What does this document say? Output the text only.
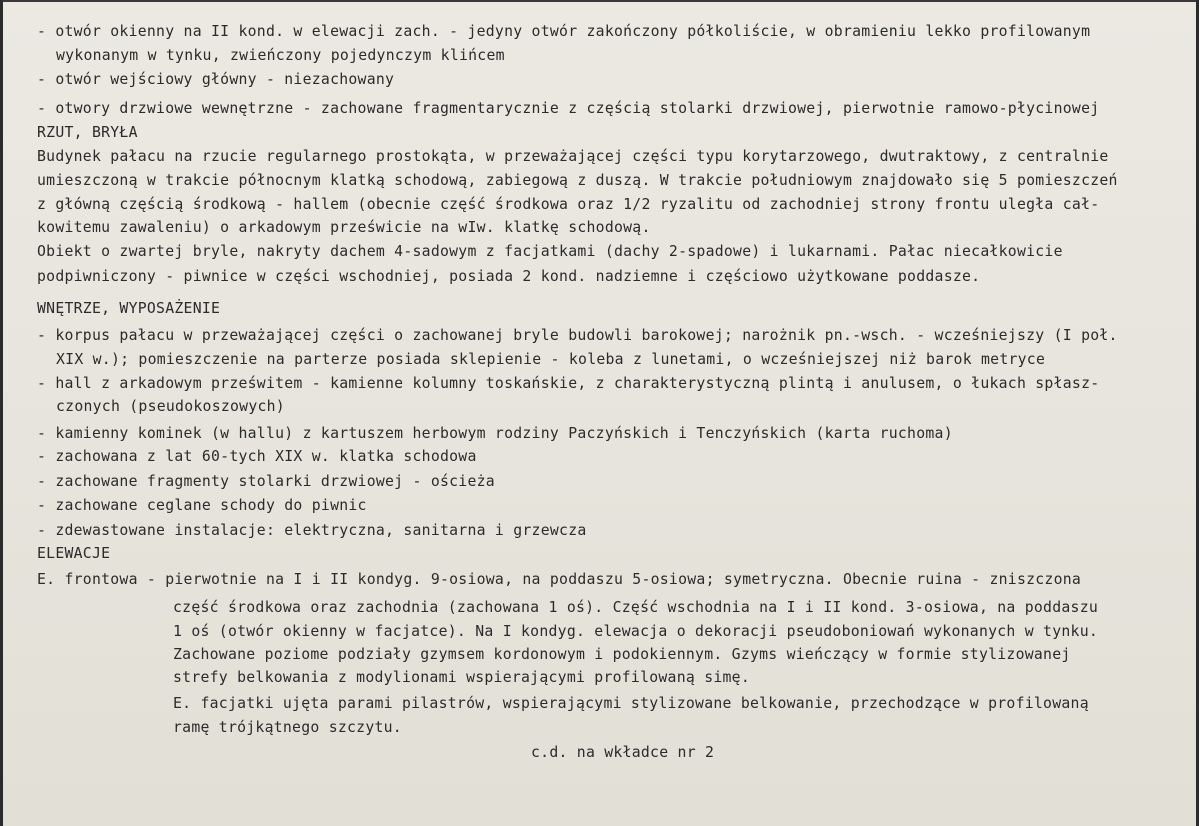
- otwór okienny na II kond. w elewacji zach. - jedyny otwór zakończony półkoliście, w obramieniu lekko profilowanym
wykonanym w tynku, zwieńczony pojedynczym klińcem
- otwór wejściowy główny - niezachowany
- otwory drzwiowe wewnętrzne - zachowane fragmentarycznie z częścią stolarki drzwiowej, pierwotnie ramowo-płycinowej
RZUT, BRYŁA
Budynek pałacu na rzucie regularnego prostokąta, w przeważającej części typu korytarzowego, dwutraktowy, z centralnie
umieszczoną w trakcie północnym klatką schodową, zabiegową z duszą. W trakcie południowym znajdowało się 5 pomieszczeń
z główną częścią środkową - hallem (obecnie część środkowa oraz 1/2 ryzalitu od zachodniej strony frontu uległa cał-
kowitemu zawaleniu) o arkadowym prześwicie na wIw. klatkę schodową.
Obiekt o zwartej bryle, nakryty dachem 4-sadowym z facjatkami (dachy 2-spadowe) i lukarnami. Pałac niecałkowicie
podpiwniczony - piwnice w części wschodniej, posiada 2 kond. nadziemne i częściowo użytkowane poddasze.
WNĘTRZE, WYPOSAŻENIE
- korpus pałacu w przeważającej części o zachowanej bryle budowli barokowej; narożnik pn.-wsch. - wcześniejszy (I poł.
XIX w.); pomieszczenie na parterze posiada sklepienie - koleba z lunetami, o wcześniejszej niż barok metryce
- hall z arkadowym prześwitem - kamienne kolumny toskańskie, z charakterystyczną plintą i anulusem, o łukach spłasz-
czonych (pseudokoszowych)
- kamienny kominek (w hallu) z kartuszem herbowym rodziny Paczyńskich i Tenczyńskich (karta ruchoma)
- zachowana z lat 60-tych XIX w. klatka schodowa
- zachowane fragmenty stolarki drzwiowej - ościeża
- zachowane ceglane schody do piwnic
- zdewastowane instalacje: elektryczna, sanitarna i grzewcza
ELEWACJE
E. frontowa - pierwotnie na I i II kondyg. 9-osiowa, na poddaszu 5-osiowa; symetryczna. Obecnie ruina - zniszczona
część środkowa oraz zachodnia (zachowana 1 oś). Część wschodnia na I i II kond. 3-osiowa, na poddaszu
1 oś (otwór okienny w facjatce). Na I kondyg. elewacja o dekoracji pseudoboniowań wykonanych w tynku.
Zachowane poziome podziały gzymsem kordonowym i podokiennym. Gzyms wieńczący w formie stylizowanej
strefy belkowania z modylionami wspierającymi profilowaną simę.
E. facjatki ujęta parami pilastrów, wspierającymi stylizowane belkowanie, przechodzące w profilowaną
ramę trójkątnego szczytu.
c.d. na wkładce nr 2
